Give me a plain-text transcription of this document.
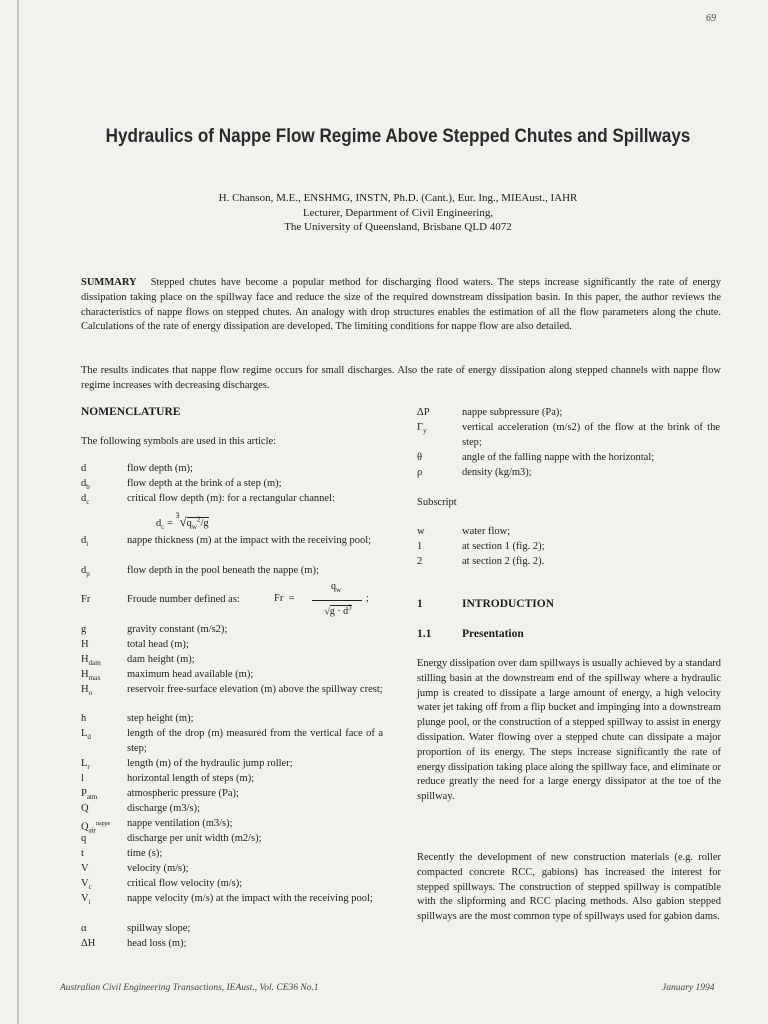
69
Hydraulics of Nappe Flow Regime Above Stepped Chutes and Spillways
H. Chanson, M.E., ENSHMG, INSTN, Ph.D. (Cant.), Eur. Ing., MIEAust., IAHR
Lecturer, Department of Civil Engineering,
The University of Queensland, Brisbane QLD 4072
SUMMARY Stepped chutes have become a popular method for discharging flood waters. The steps increase significantly the rate of energy dissipation taking place on the spillway face and reduce the size of the required downstream dissipation basin. In this paper, the author reviews the characteristics of nappe flows on stepped chutes. An analogy with drop structures enables the estimation of all the flow parameters along the chute. Calculations of the rate of energy dissipation are developed. The limiting conditions for nappe flow are also detailed.
The results indicates that nappe flow regime occurs for small discharges. Also the rate of energy dissipation along stepped channels with nappe flow regime increases with decreasing discharges.
NOMENCLATURE
The following symbols are used in this article:
d	flow depth (m);
$d_b$	flow depth at the brink of a step (m);
$d_c$	critical flow depth (m): for a rectangular channel:
$d_c = ^3√q_w^2/g$
$d_i$	nappe thickness (m) at the impact with the receiving pool;
$d_p$	flow depth in the pool beneath the nappe (m);
Fr	Froude number defined as:	Fr  =
$q_w$
$√g \cdot d^3$
;
g	gravity constant (m/s2);
H	total head (m);
$H_{dam}$	dam height (m);
$H_{max}$	maximum head available (m);
$H_o$	reservoir free-surface elevation (m) above the spillway crest;
h	step height (m);
$L_d$	length of the drop (m) measured from the vertical face of a step;
$L_r$	length (m) of the hydraulic jump roller;
l	horizontal length of steps (m);
$P_{atm}$	atmospheric pressure (Pa);
Q	discharge (m3/s);
$Q_{air}^{nappe}$ nappe ventilation (m3/s);
q	discharge per unit width (m2/s);
t	time (s);
V	velocity (m/s);
$V_c$	critical flow velocity (m/s);
$V_i$	nappe velocity (m/s) at the impact with the receiving pool;
α	spillway slope;
ΔH	head loss (m);
ΔP	nappe subpressure (Pa);
$\Gamma_y$	vertical acceleration (m/s2) of the flow at the brink of the step;
θ	angle of the falling nappe with the horizontal;
ρ	density (kg/m3);
Subscript
w	water flow;
1	at section 1 (fig. 2);
2	at section 2 (fig. 2).
1	INTRODUCTION
1.1	Presentation
Energy dissipation over dam spillways is usually achieved by a standard stilling basin at the downstream end of the spillway where a hydraulic jump is created to dissipate a large amount of energy, a high velocity water jet taking off from a flip bucket and impinging into a downstream plunge pool, or the construction of a stepped spillway to assist in energy dissipation. Water flowing over a stepped chute can dissipate a major proportion of its energy. The steps increase significantly the rate of energy dissipation taking place along the spillway face, and eliminate or reduce greatly the need for a large energy dissipator at the toe of the spillway.
Recently the development of new construction materials (e.g. roller compacted concrete RCC, gabions) has increased the interest for stepped spillways. The construction of stepped spillway is compatible with the slipforming and RCC placing methods. Also gabion stepped spillways are the most common type of spillways used for gabion dams.
Australian Civil Engineering Transactions, IEAust., Vol. CE36 No.1	January 1994
